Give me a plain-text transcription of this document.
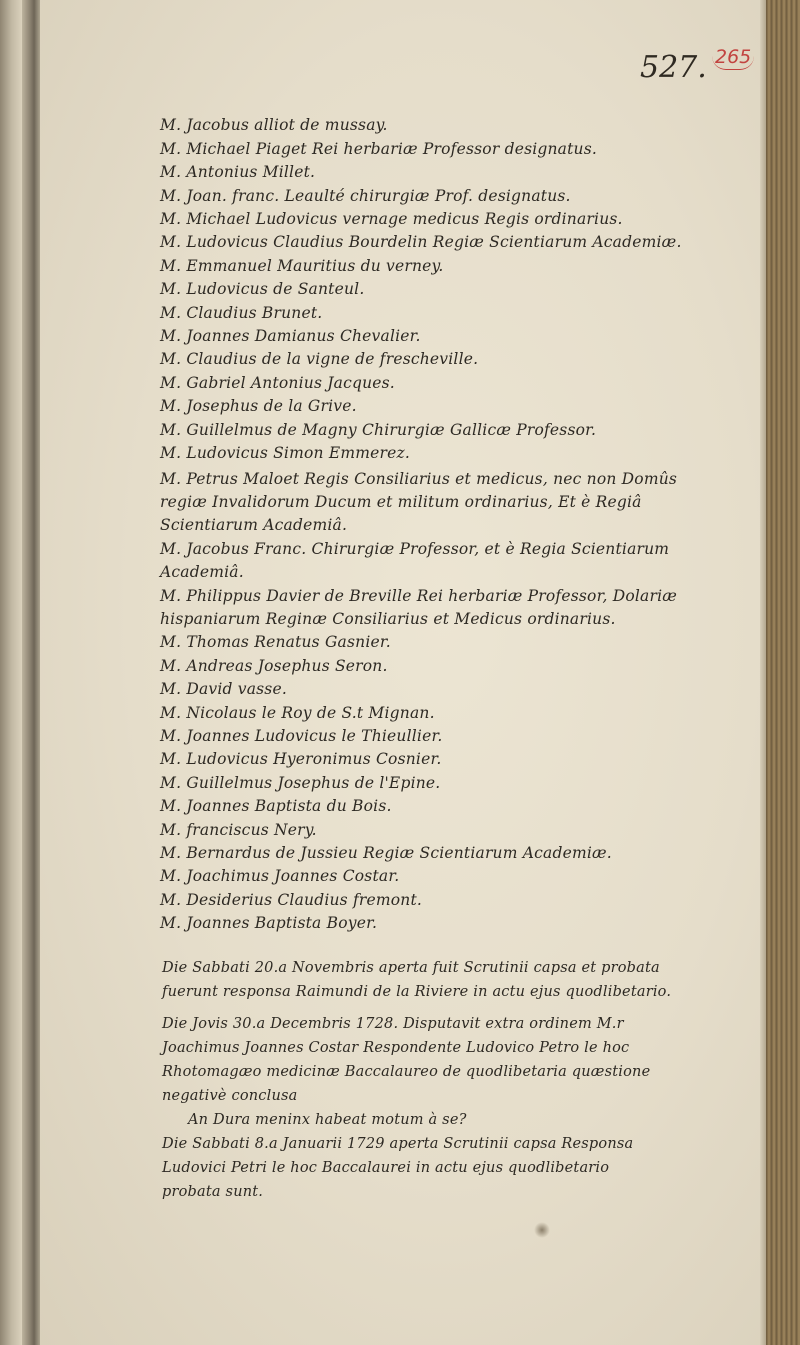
527. 265
M. Jacobus alliot de mussay.
M. Michael Piaget Rei herbariæ Professor designatus.
M. Antonius Millet.
M. Joan. franc. Leaulté chirurgiæ Prof. designatus.
M. Michael Ludovicus vernage medicus Regis ordinarius.
M. Ludovicus Claudius Bourdelin Regiæ Scientiarum Academiæ.
M. Emmanuel Mauritius du verney.
M. Ludovicus de Santeul.
M. Claudius Brunet.
M. Joannes Damianus Chevalier.
M. Claudius de la vigne de frescheville.
M. Gabriel Antonius Jacques.
M. Josephus de la Grive.
M. Guillelmus de Magny Chirurgiæ Gallicæ Professor.
M. Ludovicus Simon Emmerez.
M. Petrus Maloet Regis Consiliarius et medicus, nec non Domûs
regiæ Invalidorum Ducum et militum ordinarius, Et è Regiâ
Scientiarum Academiâ.
M. Jacobus Franc. Chirurgiæ Professor, et è Regia Scientiarum
Academiâ.
M. Philippus Davier de Breville Rei herbariæ Professor, Dolariæ
hispaniarum Reginæ Consiliarius et Medicus ordinarius.
M. Thomas Renatus Gasnier.
M. Andreas Josephus Seron.
M. David vasse.
M. Nicolaus le Roy de S.t Mignan.
M. Joannes Ludovicus le Thieullier.
M. Ludovicus Hyeronimus Cosnier.
M. Guillelmus Josephus de l'Epine.
M. Joannes Baptista du Bois.
M. franciscus Nery.
M. Bernardus de Jussieu Regiæ Scientiarum Academiæ.
M. Joachimus Joannes Costar.
M. Desiderius Claudius fremont.
M. Joannes Baptista Boyer.
Die Sabbati 20.a Novembris aperta fuit Scrutinii capsa et probata
fuerunt responsa Raimundi de la Riviere in actu ejus quodlibetario.
Die Jovis 30.a Decembris 1728. Disputavit extra ordinem M.r
Joachimus Joannes Costar Respondente Ludovico Petro le hoc
Rhotomagæo medicinæ Baccalaureo de quodlibetaria quæstione
negativè conclusa
An Dura meninx habeat motum à se?
Die Sabbati 8.a Januarii 1729 aperta Scrutinii capsa Responsa
Ludovici Petri le hoc Baccalaurei in actu ejus quodlibetario
probata sunt.
